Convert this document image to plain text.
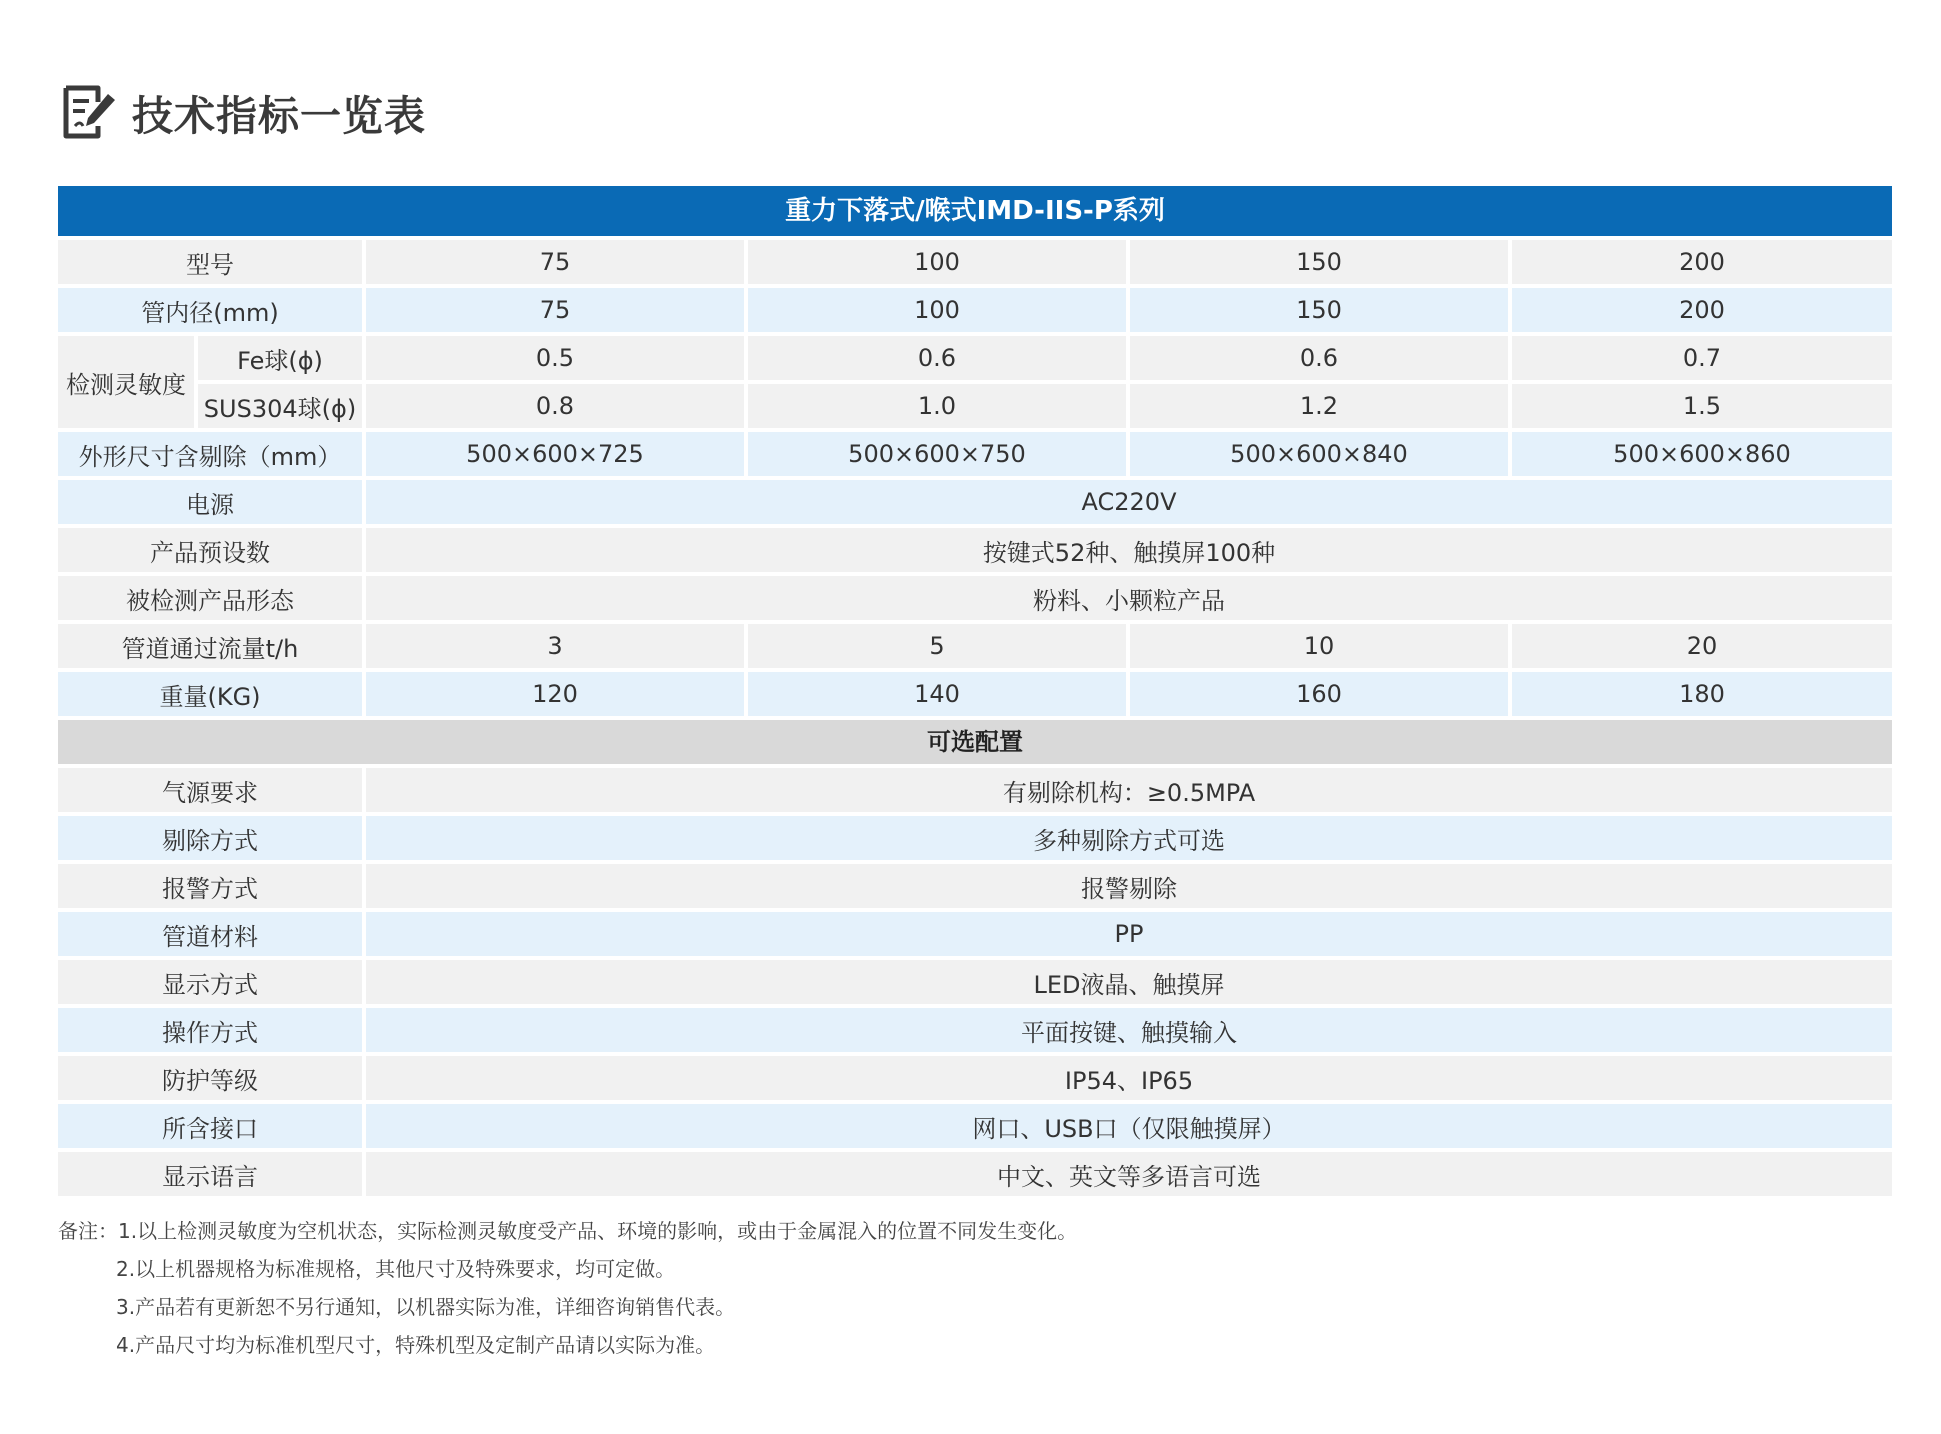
技术指标一览表
重力下落式/喉式IMD-IIS-P系列
型号	75	100	150	200
管内径(mm)	75	100	150	200
检测灵敏度
Fe球(ϕ)	0.5	0.6	0.6	0.7
SUS304球(ϕ)	0.8	1.0	1.2	1.5
外形尺寸含剔除（mm）	500×600×725	500×600×750	500×600×840	500×600×860
电源	AC220V
产品预设数	按键式52种、触摸屏100种
被检测产品形态	粉料、小颗粒产品
管道通过流量t/h	3	5	10	20
重量(KG)	120	140	160	180
可选配置
气源要求	有剔除机构：≥0.5MPA
剔除方式	多种剔除方式可选
报警方式	报警剔除
管道材料	PP
显示方式	LED液晶、触摸屏
操作方式	平面按键、触摸输入
防护等级	IP54、IP65
所含接口	网口、USB口（仅限触摸屏）
显示语言	中文、英文等多语言可选
备注：1.以上检测灵敏度为空机状态，实际检测灵敏度受产品、环境的影响，或由于金属混入的位置不同发生变化。
2.以上机器规格为标准规格，其他尺寸及特殊要求，均可定做。
3.产品若有更新恕不另行通知，以机器实际为准，详细咨询销售代表。
4.产品尺寸均为标准机型尺寸，特殊机型及定制产品请以实际为准。
